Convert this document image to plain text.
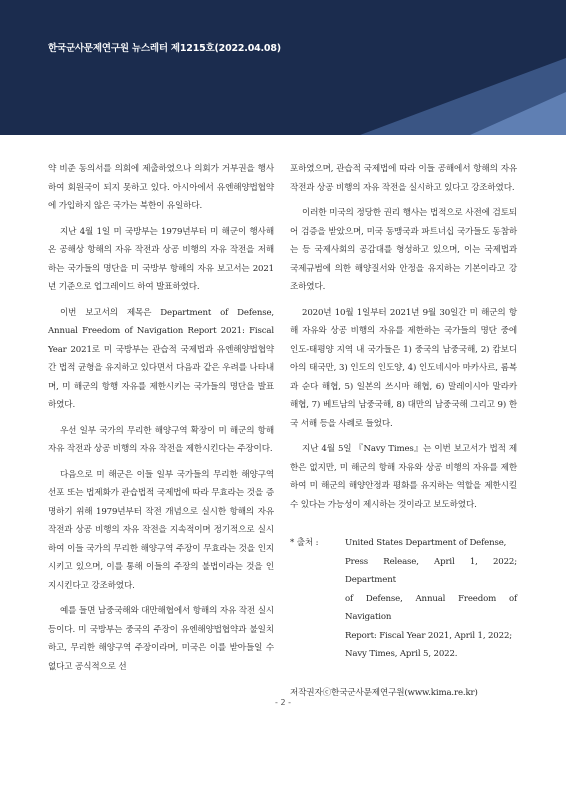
한국군사문제연구원 뉴스레터 제1215호(2022.04.08)

약 비준 동의서를 의회에 제출하였으나 의회가 거부권을 행사하여 회원국이 되지 못하고 있다. 아시아에서 유엔해양법협약에 가입하지 않은 국가는 북한이 유일하다.

지난 4월 1일 미 국방부는 1979년부터 미 해군이 행사해온 공해상 항해의 자유 작전과 상공 비행의 자유 작전을 저해하는 국가들의 명단을 미 국방부 항해의 자유 보고서는 2021년 기준으로 업그레이드 하여 발표하였다.

이번 보고서의 제목은 Department of Defense, Annual Freedom of Navigation Report 2021: Fiscal Year 2021로 미 국방부는 관습적 국제법과 유엔해양법협약 간 법적 균형을 유지하고 있다면서 다음과 같은 우려를 나타내며, 미 해군의 항행 자유를 제한시키는 국가들의 명단을 발표하였다.

우선 일부 국가의 무리한 해양구역 확장이 미 해군의 항해 자유 작전과 상공 비행의 자유 작전을 제한시킨다는 주장이다.

다음으로 미 해군은 이들 일부 국가들의 무리한 해양구역 선포 또는 법제화가 관습법적 국제법에 따라 무효라는 것을 증명하기 위해 1979년부터 작전 개념으로 실시한 항해의 자유 작전과 상공 비행의 자유 작전을 지속적이며 정기적으로 실시하여 이들 국가의 무리한 해양구역 주장이 무효라는 것을 인지시키고 있으며, 이를 통해 이들의 주장의 불법이라는 것을 인지시킨다고 강조하였다.

예를 들면 남중국해와 대만해협에서 항해의 자유 작전 실시 등이다. 미 국방부는 중국의 주장이 유엔해양법협약과 불일치하고, 무리한 해양구역 주장이라며, 미국은 이를 받아들일 수 없다고 공식적으로 선

포하였으며, 관습적 국제법에 따라 이들 공해에서 항해의 자유 작전과 상공 비행의 자유 작전을 실시하고 있다고 강조하였다.

이러한 미국의 정당한 권리 행사는 법적으로 사전에 검토되어 검증을 받았으며, 미국 동맹국과 파트너십 국가들도 동참하는 등 국제사회의 공감대를 형성하고 있으며, 이는 국제법과 국제규범에 의한 해양질서와 안정을 유지하는 기본이라고 강조하였다.

2020년 10월 1일부터 2021년 9월 30일간 미 해군의 항해 자유와 상공 비행의 자유를 제한하는 국가들의 명단 중에 인도-태평양 지역 내 국가들은 1) 중국의 남중국해, 2) 캄보디아의 태국만, 3) 인도의 인도양, 4) 인도네시아 마카사르, 롬복과 순다 해협, 5) 일본의 쓰시마 해협, 6) 말레이시아 말라카 해협, 7) 베트남의 남중국해, 8) 대만의 남중국해 그리고 9) 한국 서해 등을 사례로 들었다.

지난 4월 5일 『Navy Times』는 이번 보고서가 법적 제한은 없지만, 미 해군의 항해 자유와 상공 비행의 자유를 제한하여 미 해군의 해양안정과 평화를 유지하는 역할을 제한시킬 수 있다는 가능성이 제시하는 것이라고 보도하였다.

* 출처 :	United States Department of Defense,
Press Release, April 1, 2022; Department
of Defense, Annual Freedom of Navigation
Report: Fiscal Year 2021, April 1, 2022;
Navy Times, April 5, 2022.
저작권자ⓒ한국군사문제연구원(www.kima.re.kr)
- 2 -
